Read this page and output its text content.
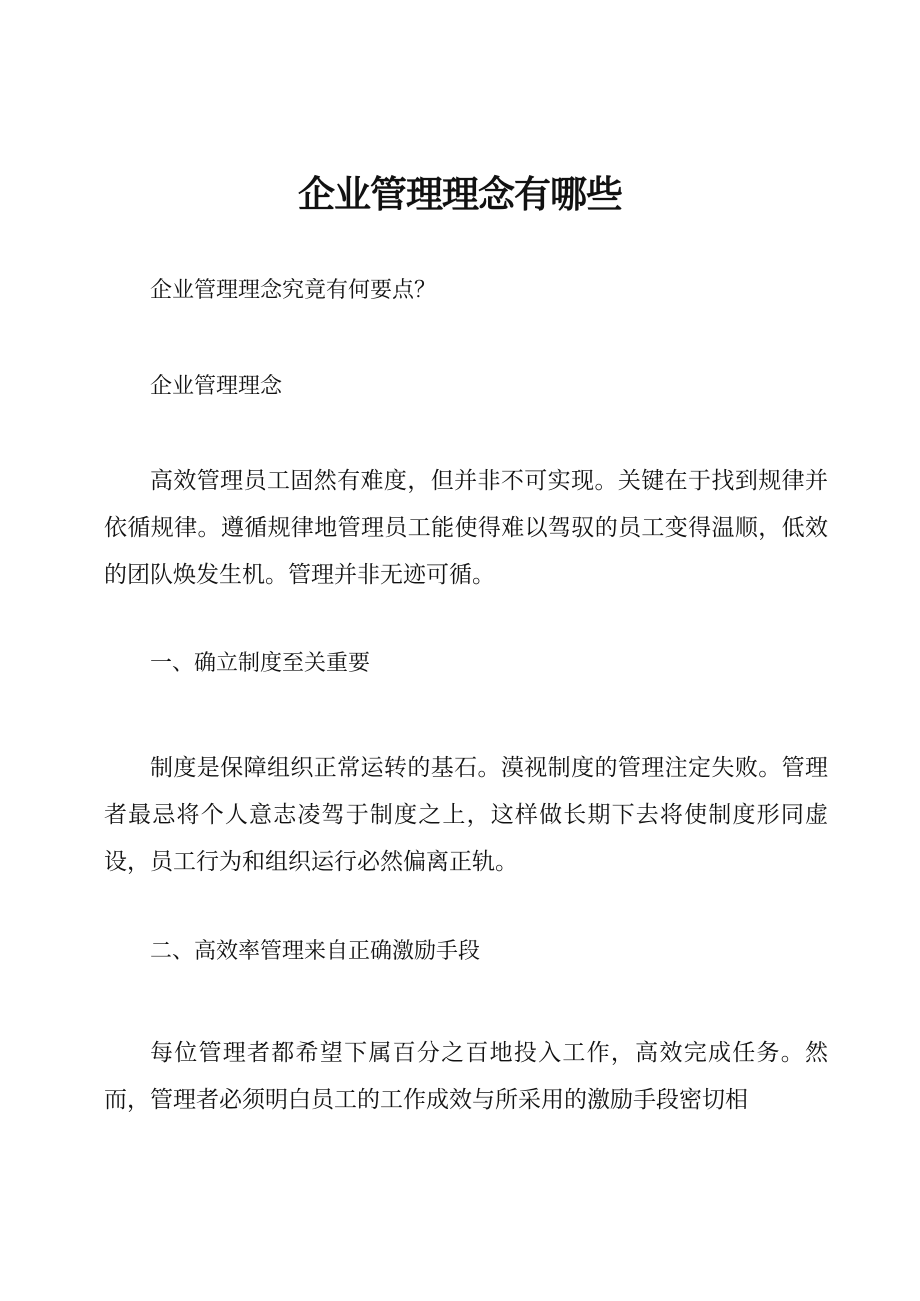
企业管理理念有哪些

企业管理理念究竟有何要点？

企业管理理念

高效管理员工固然有难度，但并非不可实现。关键在于找到规律并依循规律。遵循规律地管理员工能使得难以驾驭的员工变得温顺，低效的团队焕发生机。管理并非无迹可循。

一、确立制度至关重要

制度是保障组织正常运转的基石。漠视制度的管理注定失败。管理者最忌将个人意志凌驾于制度之上，这样做长期下去将使制度形同虚设，员工行为和组织运行必然偏离正轨。

二、高效率管理来自正确激励手段

每位管理者都希望下属百分之百地投入工作，高效完成任务。然而，管理者必须明白员工的工作成效与所采用的激励手段密切相
